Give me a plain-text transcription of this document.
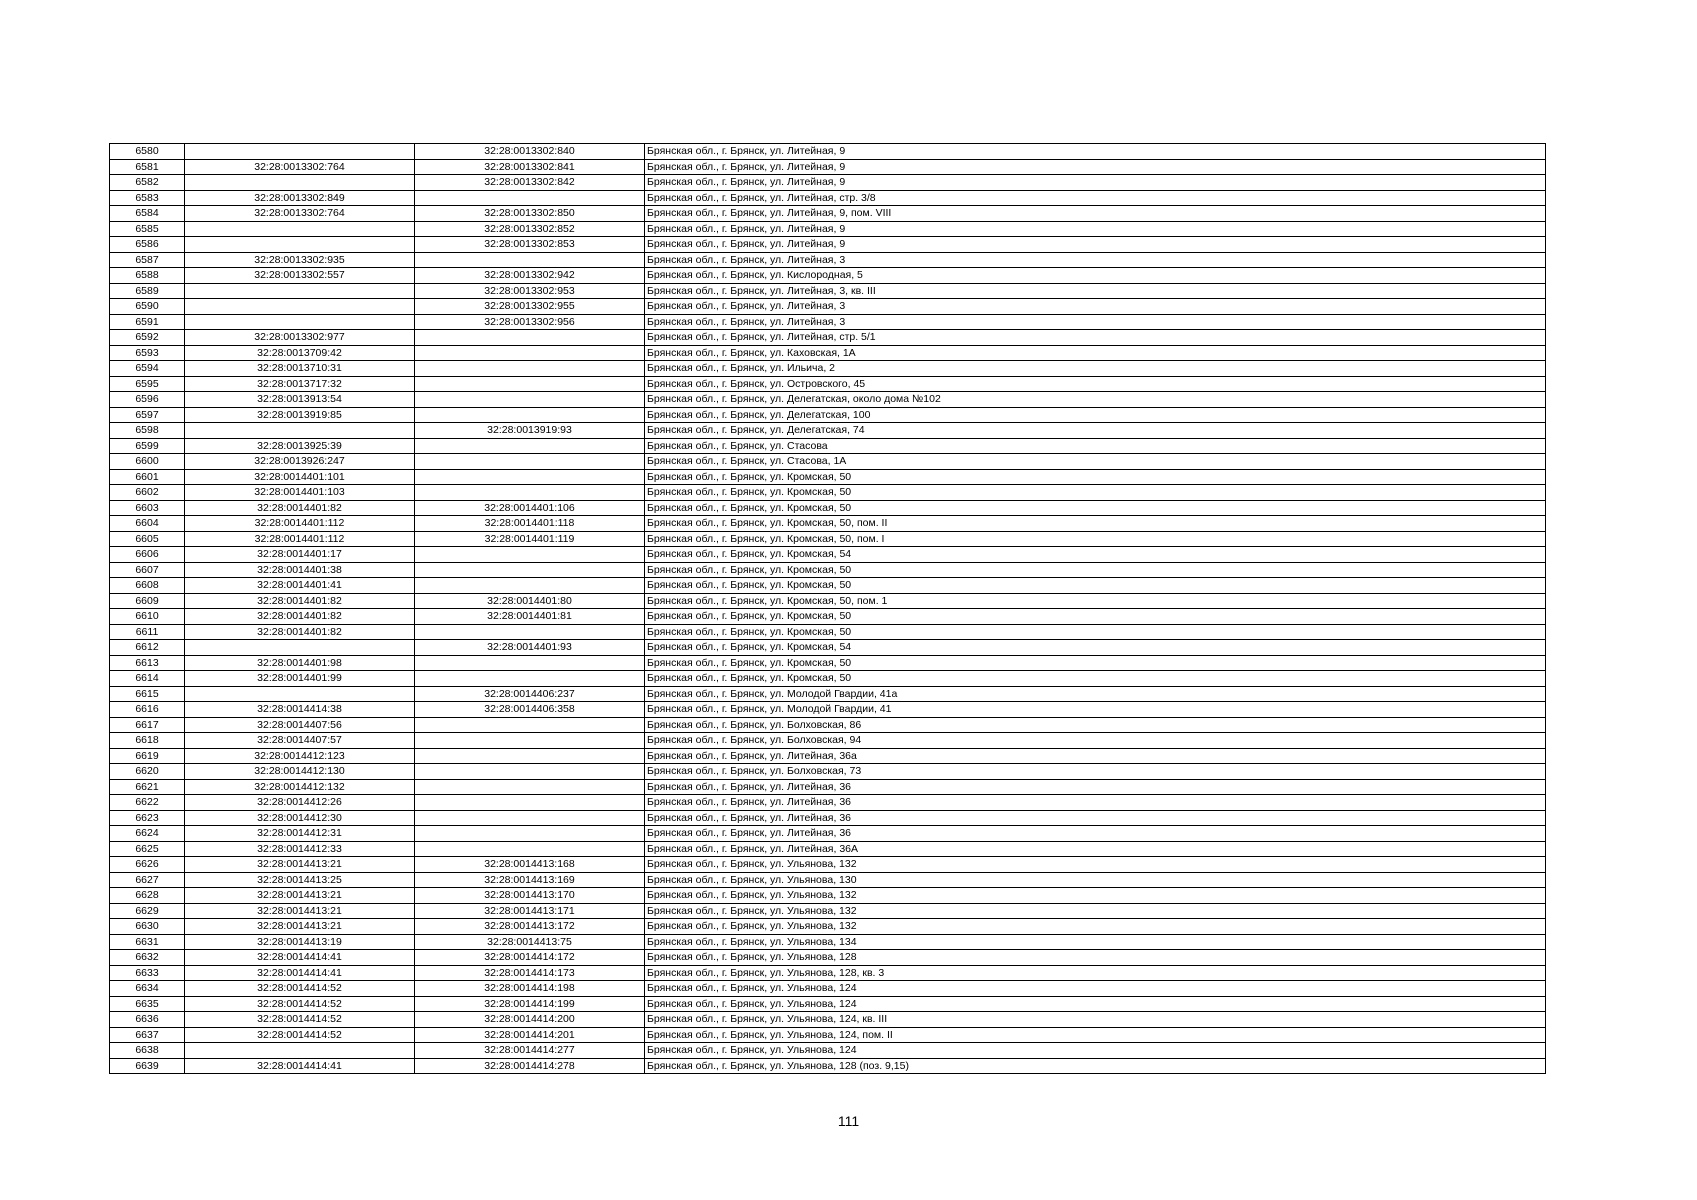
6580		32:28:0013302:840	Брянская обл., г. Брянск, ул. Литейная, 9
6581	32:28:0013302:764	32:28:0013302:841	Брянская обл., г. Брянск, ул. Литейная, 9
6582		32:28:0013302:842	Брянская обл., г. Брянск, ул. Литейная, 9
6583	32:28:0013302:849		Брянская обл., г. Брянск, ул. Литейная, стр. 3/8
6584	32:28:0013302:764	32:28:0013302:850	Брянская обл., г. Брянск, ул. Литейная, 9, пом. VIII
6585		32:28:0013302:852	Брянская обл., г. Брянск, ул. Литейная, 9
6586		32:28:0013302:853	Брянская обл., г. Брянск, ул. Литейная, 9
6587	32:28:0013302:935		Брянская обл., г. Брянск, ул. Литейная, 3
6588	32:28:0013302:557	32:28:0013302:942	Брянская обл., г. Брянск, ул. Кислородная, 5
6589		32:28:0013302:953	Брянская обл., г. Брянск, ул. Литейная, 3, кв. III
6590		32:28:0013302:955	Брянская обл., г. Брянск, ул. Литейная, 3
6591		32:28:0013302:956	Брянская обл., г. Брянск, ул. Литейная, 3
6592	32:28:0013302:977		Брянская обл., г. Брянск, ул. Литейная, стр. 5/1
6593	32:28:0013709:42		Брянская обл., г. Брянск, ул. Каховская, 1А
6594	32:28:0013710:31		Брянская обл., г. Брянск, ул. Ильича, 2
6595	32:28:0013717:32		Брянская обл., г. Брянск, ул. Островского, 45
6596	32:28:0013913:54		Брянская обл., г. Брянск, ул. Делегатская, около дома №102
6597	32:28:0013919:85		Брянская обл., г. Брянск, ул. Делегатская, 100
6598		32:28:0013919:93	Брянская обл., г. Брянск, ул. Делегатская, 74
6599	32:28:0013925:39		Брянская обл., г. Брянск, ул. Стасова
6600	32:28:0013926:247		Брянская обл., г. Брянск, ул. Стасова, 1А
6601	32:28:0014401:101		Брянская обл., г. Брянск, ул. Кромская, 50
6602	32:28:0014401:103		Брянская обл., г. Брянск, ул. Кромская, 50
6603	32:28:0014401:82	32:28:0014401:106	Брянская обл., г. Брянск, ул. Кромская, 50
6604	32:28:0014401:112	32:28:0014401:118	Брянская обл., г. Брянск, ул. Кромская, 50, пом. II
6605	32:28:0014401:112	32:28:0014401:119	Брянская обл., г. Брянск, ул. Кромская, 50, пом. I
6606	32:28:0014401:17		Брянская обл., г. Брянск, ул. Кромская, 54
6607	32:28:0014401:38		Брянская обл., г. Брянск, ул. Кромская, 50
6608	32:28:0014401:41		Брянская обл., г. Брянск, ул. Кромская, 50
6609	32:28:0014401:82	32:28:0014401:80	Брянская обл., г. Брянск, ул. Кромская, 50, пом. 1
6610	32:28:0014401:82	32:28:0014401:81	Брянская обл., г. Брянск, ул. Кромская, 50
6611	32:28:0014401:82		Брянская обл., г. Брянск, ул. Кромская, 50
6612		32:28:0014401:93	Брянская обл., г. Брянск, ул. Кромская, 54
6613	32:28:0014401:98		Брянская обл., г. Брянск, ул. Кромская, 50
6614	32:28:0014401:99		Брянская обл., г. Брянск, ул. Кромская, 50
6615		32:28:0014406:237	Брянская обл., г. Брянск, ул. Молодой Гвардии, 41а
6616	32:28:0014414:38	32:28:0014406:358	Брянская обл., г. Брянск, ул. Молодой Гвардии, 41
6617	32:28:0014407:56		Брянская обл., г. Брянск, ул. Болховская, 86
6618	32:28:0014407:57		Брянская обл., г. Брянск, ул. Болховская, 94
6619	32:28:0014412:123		Брянская обл., г. Брянск, ул. Литейная, 36а
6620	32:28:0014412:130		Брянская обл., г. Брянск, ул. Болховская, 73
6621	32:28:0014412:132		Брянская обл., г. Брянск, ул. Литейная, 36
6622	32:28:0014412:26		Брянская обл., г. Брянск, ул. Литейная, 36
6623	32:28:0014412:30		Брянская обл., г. Брянск, ул. Литейная, 36
6624	32:28:0014412:31		Брянская обл., г. Брянск, ул. Литейная, 36
6625	32:28:0014412:33		Брянская обл., г. Брянск, ул. Литейная, 36А
6626	32:28:0014413:21	32:28:0014413:168	Брянская обл., г. Брянск, ул. Ульянова, 132
6627	32:28:0014413:25	32:28:0014413:169	Брянская обл., г. Брянск, ул. Ульянова, 130
6628	32:28:0014413:21	32:28:0014413:170	Брянская обл., г. Брянск, ул. Ульянова, 132
6629	32:28:0014413:21	32:28:0014413:171	Брянская обл., г. Брянск, ул. Ульянова, 132
6630	32:28:0014413:21	32:28:0014413:172	Брянская обл., г. Брянск, ул. Ульянова, 132
6631	32:28:0014413:19	32:28:0014413:75	Брянская обл., г. Брянск, ул. Ульянова, 134
6632	32:28:0014414:41	32:28:0014414:172	Брянская обл., г. Брянск, ул. Ульянова, 128
6633	32:28:0014414:41	32:28:0014414:173	Брянская обл., г. Брянск, ул. Ульянова, 128, кв. 3
6634	32:28:0014414:52	32:28:0014414:198	Брянская обл., г. Брянск, ул. Ульянова, 124
6635	32:28:0014414:52	32:28:0014414:199	Брянская обл., г. Брянск, ул. Ульянова, 124
6636	32:28:0014414:52	32:28:0014414:200	Брянская обл., г. Брянск, ул. Ульянова, 124, кв. III
6637	32:28:0014414:52	32:28:0014414:201	Брянская обл., г. Брянск, ул. Ульянова, 124, пом. II
6638		32:28:0014414:277	Брянская обл., г. Брянск, ул. Ульянова, 124
6639	32:28:0014414:41	32:28:0014414:278	Брянская обл., г. Брянск, ул. Ульянова, 128 (поз. 9,15)
111
